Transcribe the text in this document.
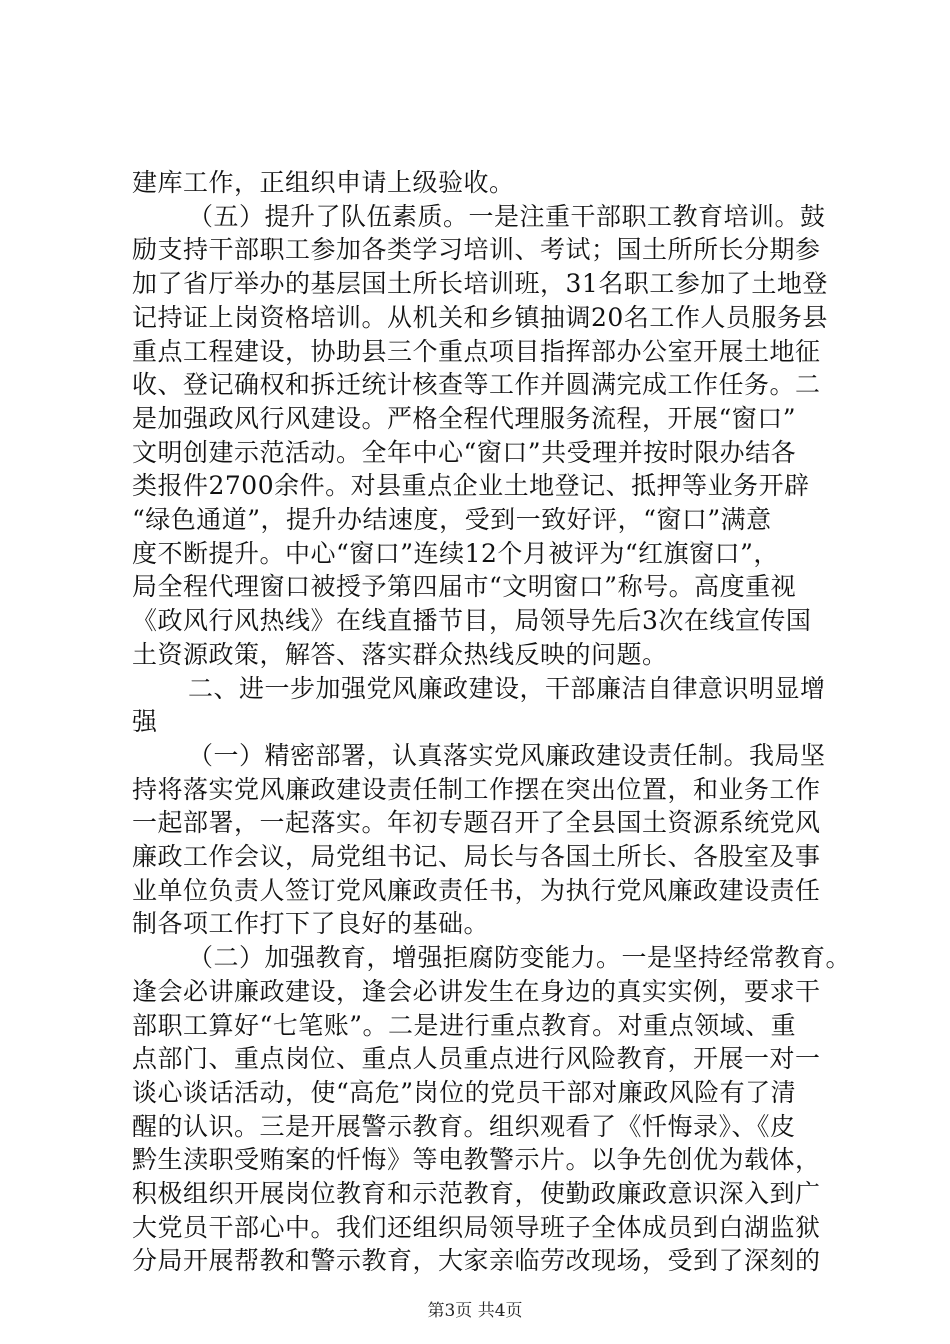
建库工作，正组织申请上级验收。
（五）提升了队伍素质。一是注重干部职工教育培训。鼓
励支持干部职工参加各类学习培训、考试；国土所所长分期参
加了省厅举办的基层国土所长培训班，31名职工参加了土地登
记持证上岗资格培训。从机关和乡镇抽调20名工作人员服务县
重点工程建设，协助县三个重点项目指挥部办公室开展土地征
收、登记确权和拆迁统计核查等工作并圆满完成工作任务。二
是加强政风行风建设。严格全程代理服务流程，开展“窗口”
文明创建示范活动。全年中心“窗口”共受理并按时限办结各
类报件2700余件。对县重点企业土地登记、抵押等业务开辟
“绿色通道”，提升办结速度，受到一致好评，“窗口”满意
度不断提升。中心“窗口”连续12个月被评为“红旗窗口”，
局全程代理窗口被授予第四届市“文明窗口”称号。高度重视
《政风行风热线》在线直播节目，局领导先后3次在线宣传国
土资源政策，解答、落实群众热线反映的问题。
二、进一步加强党风廉政建设，干部廉洁自律意识明显增
强
（一）精密部署，认真落实党风廉政建设责任制。我局坚
持将落实党风廉政建设责任制工作摆在突出位置，和业务工作
一起部署，一起落实。年初专题召开了全县国土资源系统党风
廉政工作会议，局党组书记、局长与各国土所长、各股室及事
业单位负责人签订党风廉政责任书，为执行党风廉政建设责任
制各项工作打下了良好的基础。
（二）加强教育，增强拒腐防变能力。一是坚持经常教育。
逢会必讲廉政建设，逢会必讲发生在身边的真实实例，要求干
部职工算好“七笔账”。二是进行重点教育。对重点领域、重
点部门、重点岗位、重点人员重点进行风险教育，开展一对一
谈心谈话活动，使“高危”岗位的党员干部对廉政风险有了清
醒的认识。三是开展警示教育。组织观看了《忏悔录》、《皮
黔生渎职受贿案的忏悔》等电教警示片。以争先创优为载体，
积极组织开展岗位教育和示范教育，使勤政廉政意识深入到广
大党员干部心中。我们还组织局领导班子全体成员到白湖监狱
分局开展帮教和警示教育，大家亲临劳改现场，受到了深刻的
第3页 共4页
